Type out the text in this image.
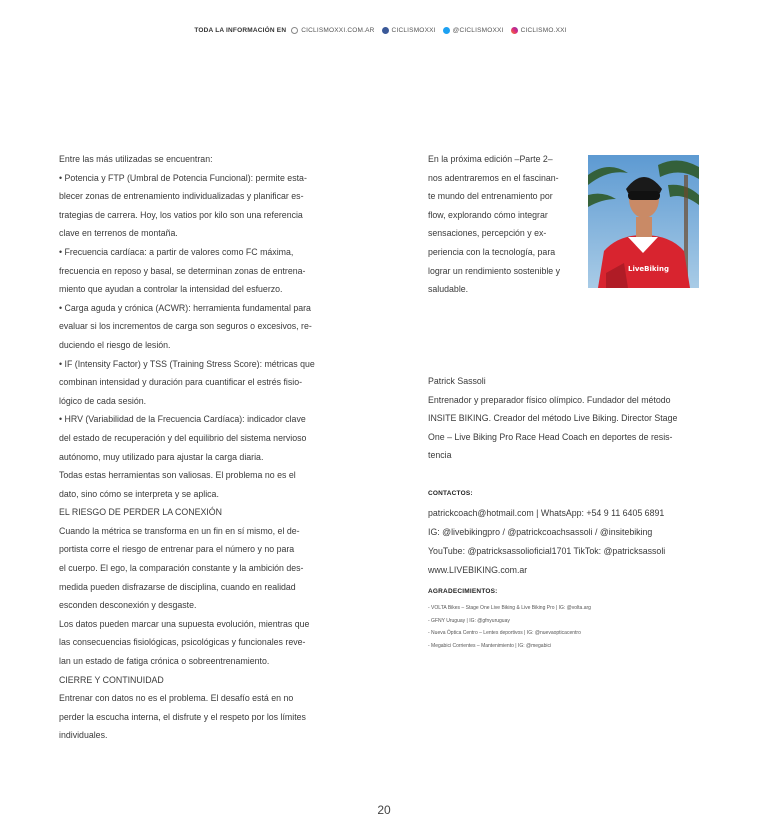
TODA LA INFORMACIÓN EN CICLISMOXXI.COM.AR	CICLISMOXXI	@CICLISMOXXI	CICLISMO.XXI

Entre las más utilizadas se encuentran:

• Potencia y FTP (Umbral de Potencia Funcional): permite esta-

blecer zonas de entrenamiento individualizadas y planificar es-

trategias de carrera. Hoy, los vatios por kilo son una referencia

clave en terrenos de montaña.

• Frecuencia cardíaca: a partir de valores como FC máxima,

frecuencia en reposo y basal, se determinan zonas de entrena-

miento que ayudan a controlar la intensidad del esfuerzo.

• Carga aguda y crónica (ACWR): herramienta fundamental para

evaluar si los incrementos de carga son seguros o excesivos, re-

duciendo el riesgo de lesión.

• IF (Intensity Factor) y TSS (Training Stress Score): métricas que

combinan intensidad y duración para cuantificar el estrés fisio-

lógico de cada sesión.

• HRV (Variabilidad de la Frecuencia Cardíaca): indicador clave

del estado de recuperación y del equilibrio del sistema nervioso

autónomo, muy utilizado para ajustar la carga diaria.

Todas estas herramientas son valiosas. El problema no es el

dato, sino cómo se interpreta y se aplica.

EL RIESGO DE PERDER LA CONEXIÓN

Cuando la métrica se transforma en un fin en sí mismo, el de-

portista corre el riesgo de entrenar para el número y no para

el cuerpo. El ego, la comparación constante y la ambición des-

medida pueden disfrazarse de disciplina, cuando en realidad

esconden desconexión y desgaste.

Los datos pueden marcar una supuesta evolución, mientras que

las consecuencias fisiológicas, psicológicas y funcionales reve-

lan un estado de fatiga crónica o sobreentrenamiento.

CIERRE Y CONTINUIDAD

Entrenar con datos no es el problema. El desafío está en no

perder la escucha interna, el disfrute y el respeto por los límites

individuales.

En la próxima edición –Parte 2–

nos adentraremos en el fascinan-

te mundo del entrenamiento por

flow, explorando cómo integrar

sensaciones, percepción y ex-

periencia con la tecnología, para

lograr un rendimiento sostenible y

saludable.

LiveBiking

Patrick Sassoli

Entrenador y preparador físico olímpico. Fundador del método

INSITE BIKING. Creador del método Live Biking. Director Stage

One – Live Biking Pro Race Head Coach en deportes de resis-

tencia

CONTACTOS:

patrickcoach@hotmail.com | WhatsApp: +54 9 11 6405 6891

IG: @livebikingpro / @patrickcoachsassoli / @insitebiking

YouTube: @patricksassolioficial1701 TikTok: @patricksassoli

www.LIVEBIKING.com.ar

AGRADECIMIENTOS:

- VOLTA Bikes – Stage One Live Biking & Live Biking Pro | IG: @volta.arg

- GFNY Uruguay | IG: @gfnyuruguay

- Nueva Óptica Centro – Lentes deportivos | IG: @nuevaopticacentro

- Megabici Corrientes – Mantenimiento | IG: @megabici

20
